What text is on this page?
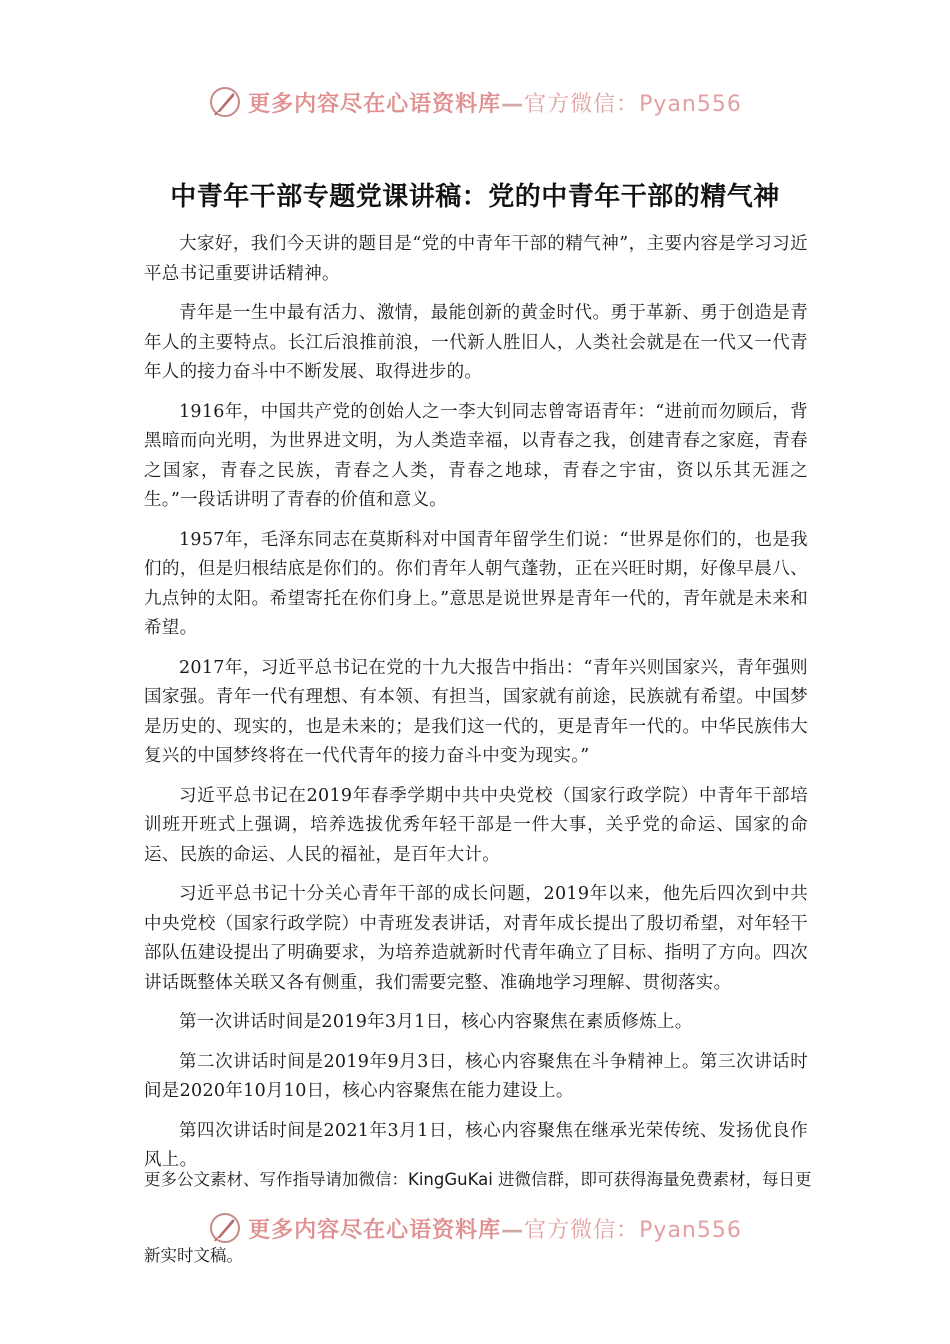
更多内容尽在心语资料库—官方微信：Pyan556
中青年干部专题党课讲稿：党的中青年干部的精气神

大家好，我们今天讲的题目是“党的中青年干部的精气神”，主要内容是学习习近平总书记重要讲话精神。

青年是一生中最有活力、激情，最能创新的黄金时代。勇于革新、勇于创造是青年人的主要特点。长江后浪推前浪，一代新人胜旧人，人类社会就是在一代又一代青年人的接力奋斗中不断发展、取得进步的。

1916年，中国共产党的创始人之一李大钊同志曾寄语青年：“进前而勿顾后，背黑暗而向光明，为世界进文明，为人类造幸福，以青春之我，创建青春之家庭，青春之国家，青春之民族，青春之人类，青春之地球，青春之宇宙，资以乐其无涯之生。”一段话讲明了青春的价值和意义。

1957年，毛泽东同志在莫斯科对中国青年留学生们说：“世界是你们的，也是我们的，但是归根结底是你们的。你们青年人朝气蓬勃，正在兴旺时期，好像早晨八、九点钟的太阳。希望寄托在你们身上。”意思是说世界是青年一代的，青年就是未来和希望。

2017年，习近平总书记在党的十九大报告中指出：“青年兴则国家兴，青年强则国家强。青年一代有理想、有本领、有担当，国家就有前途，民族就有希望。中国梦是历史的、现实的，也是未来的；是我们这一代的，更是青年一代的。中华民族伟大复兴的中国梦终将在一代代青年的接力奋斗中变为现实。”

习近平总书记在2019年春季学期中共中央党校（国家行政学院）中青年干部培训班开班式上强调，培养选拔优秀年轻干部是一件大事，关乎党的命运、国家的命运、民族的命运、人民的福祉，是百年大计。

习近平总书记十分关心青年干部的成长问题，2019年以来，他先后四次到中共中央党校（国家行政学院）中青班发表讲话，对青年成长提出了殷切希望，对年轻干部队伍建设提出了明确要求，为培养造就新时代青年确立了目标、指明了方向。四次讲话既整体关联又各有侧重，我们需要完整、准确地学习理解、贯彻落实。

第一次讲话时间是2019年3月1日，核心内容聚焦在素质修炼上。

第二次讲话时间是2019年9月3日，核心内容聚焦在斗争精神上。第三次讲话时间是2020年10月10日，核心内容聚焦在能力建设上。

第四次讲话时间是2021年3月1日，核心内容聚焦在继承光荣传统、发扬优良作风上。

更多公文素材、写作指导请加微信：KingGuKai 进微信群，即可获得海量免费素材，每日更
更多内容尽在心语资料库—官方微信：Pyan556
新实时文稿。
